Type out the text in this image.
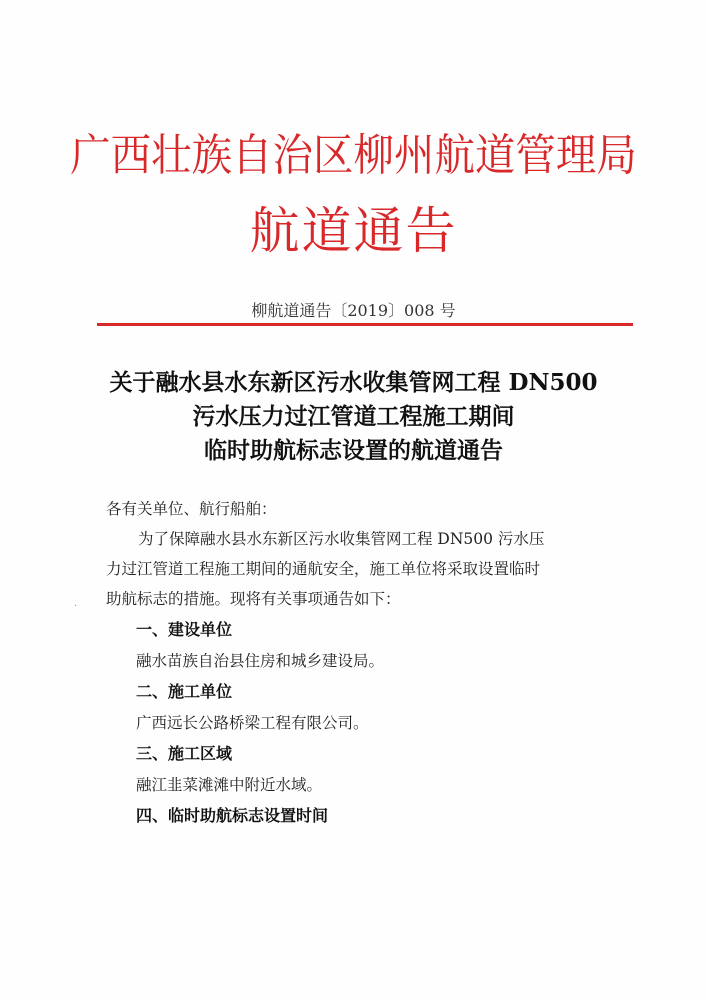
广西壮族自治区柳州航道管理局
航道通告
柳航道通告〔2019〕008 号
关于融水县水东新区污水收集管网工程 DN500
污水压力过江管道工程施工期间
临时助航标志设置的航道通告
·
各有关单位、航行船舶：
为了保障融水县水东新区污水收集管网工程 DN500 污水压
力过江管道工程施工期间的通航安全，施工单位将采取设置临时
助航标志的措施。现将有关事项通告如下：
一、建设单位
融水苗族自治县住房和城乡建设局。
二、施工单位
广西远长公路桥梁工程有限公司。
三、施工区域
融江韭菜滩滩中附近水域。
四、临时助航标志设置时间
